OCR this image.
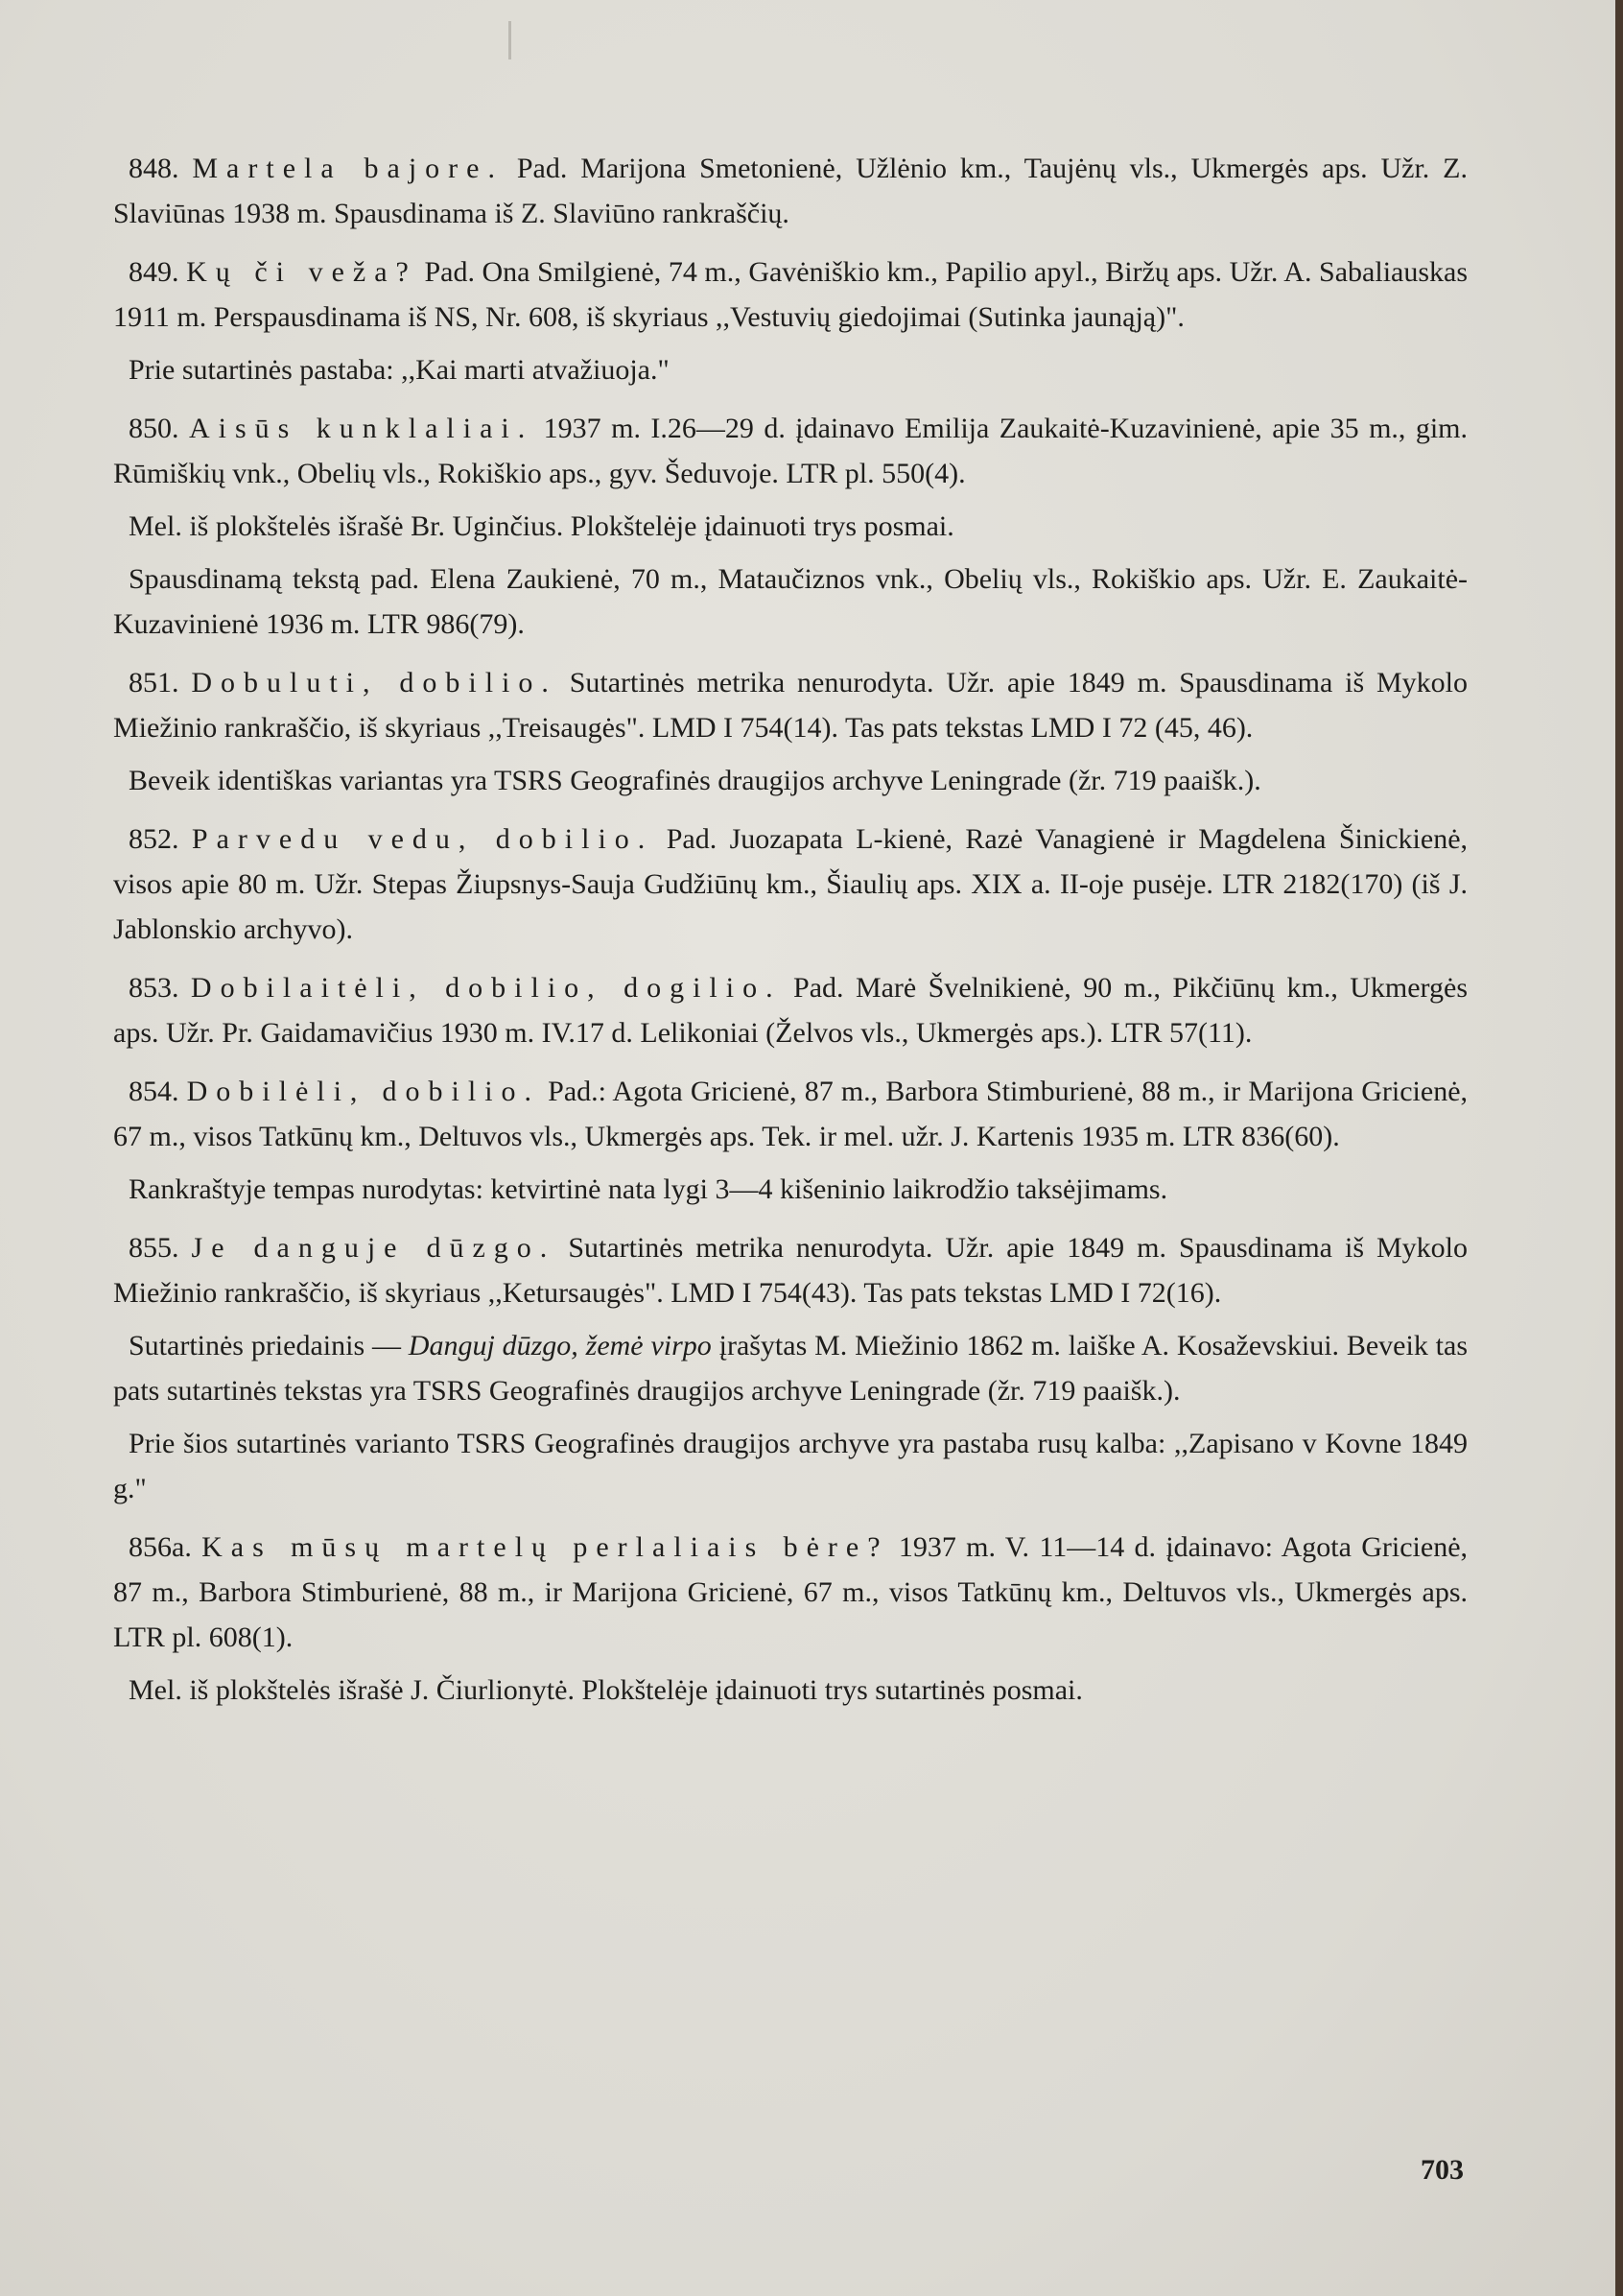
848. Martela bajore. Pad. Marijona Smetonienė, Užlėnio km., Taujėnų vls., Ukmergės aps. Užr. Z. Slaviūnas 1938 m. Spausdinama iš Z. Slaviūno rankraščių.

849. Kų či veža? Pad. Ona Smilgienė, 74 m., Gavėniškio km., Papilio apyl., Biržų aps. Užr. A. Sabaliauskas 1911 m. Perspausdinama iš NS, Nr. 608, iš skyriaus ,,Vestuvių giedojimai (Sutinka jaunąją)".

Prie sutartinės pastaba: ,,Kai marti atvažiuoja."

850. Aisūs kunklaliai. 1937 m. I.26—29 d. įdainavo Emilija Zaukaitė-Kuzavinienė, apie 35 m., gim. Rūmiškių vnk., Obelių vls., Rokiškio aps., gyv. Šeduvoje. LTR pl. 550(4).

Mel. iš plokštelės išrašė Br. Uginčius. Plokštelėje įdainuoti trys posmai.

Spausdinamą tekstą pad. Elena Zaukienė, 70 m., Matаučiznos vnk., Obelių vls., Rokiškio aps. Užr. E. Zaukaitė-Kuzavinienė 1936 m. LTR 986(79).

851. Dobuluti, dobilio. Sutartinės metrika nenurodyta. Užr. apie 1849 m. Spausdinama iš Mykolo Miežinio rankraščio, iš skyriaus ,,Treisaugės". LMD I 754(14). Tas pats tekstas LMD I 72 (45, 46).

Beveik identiškas variantas yra TSRS Geografinės draugijos archyve Leningrade (žr. 719 paaišk.).

852. Parvedu vedu, dobilio. Pad. Juozapata L-kienė, Razė Vanagienė ir Magdelena Šinickienė, visos apie 80 m. Užr. Stepas Žiupsnys-Sauja Gudžiūnų km., Šiaulių aps. XIX a. II-oje pusėje. LTR 2182(170) (iš J. Jablonskio archyvo).

853. Dobilaitėli, dobilio, dogilio. Pad. Marė Švelnikienė, 90 m., Pikčiūnų km., Ukmergės aps. Užr. Pr. Gaidamavičius 1930 m. IV.17 d. Lelikoniai (Želvos vls., Ukmergės aps.). LTR 57(11).

854. Dobilėli, dobilio. Pad.: Agota Gricienė, 87 m., Barbora Stimburienė, 88 m., ir Marijona Gricienė, 67 m., visos Tatkūnų km., Deltuvos vls., Ukmergės aps. Tek. ir mel. užr. J. Kartenis 1935 m. LTR 836(60).

Rankraštyje tempas nurodytas: ketvirtinė nata lygi 3—4 kišeninio laikrodžio taksėjimams.

855. Je danguje dūzgo. Sutartinės metrika nenurodyta. Užr. apie 1849 m. Spausdinama iš Mykolo Miežinio rankraščio, iš skyriaus ,,Ketursaugės". LMD I 754(43). Tas pats tekstas LMD I 72(16).

Sutartinės priedainis — Danguj dūzgo, žemė virpo įrašytas M. Miežinio 1862 m. laiške A. Kosaževskiui. Beveik tas pats sutartinės tekstas yra TSRS Geografinės draugijos archyve Leningrade (žr. 719 paaišk.).

Prie šios sutartinės varianto TSRS Geografinės draugijos archyve yra pastaba rusų kalba: ,,Zapisano v Kovne 1849 g."

856a. Kas mūsų martelų perlaliais bėre? 1937 m. V. 11—14 d. įdainavo: Agota Gricienė, 87 m., Barbora Stimburienė, 88 m., ir Marijona Gricienė, 67 m., visos Tatkūnų km., Deltuvos vls., Ukmergės aps. LTR pl. 608(1).

Mel. iš plokštelės išrašė J. Čiurlionytė. Plokštelėje įdainuoti trys sutartinės posmai.

703
